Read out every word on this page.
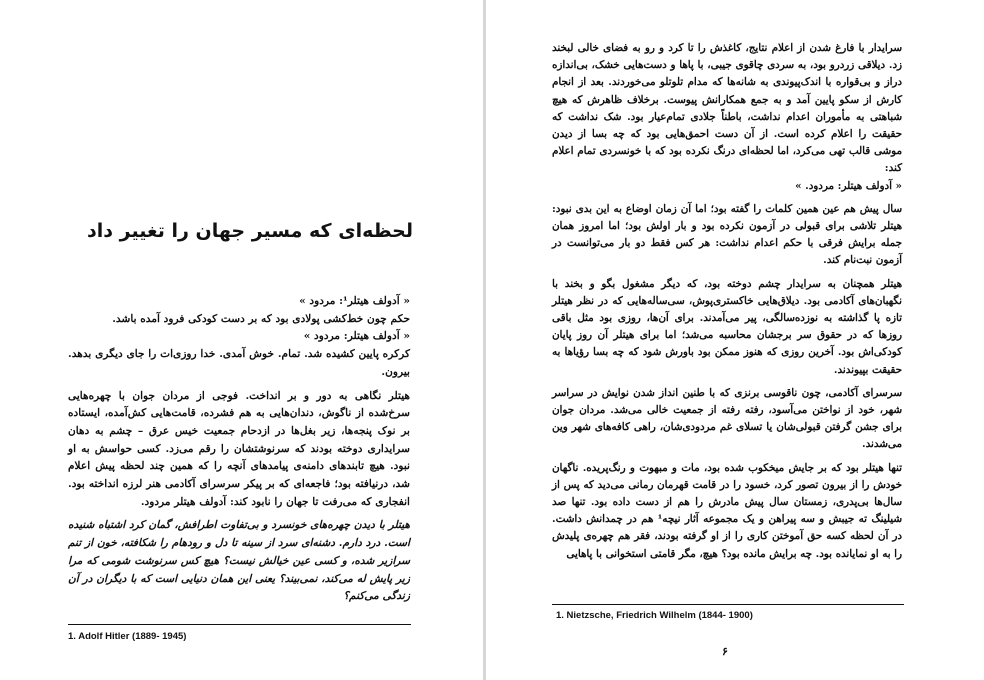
لحظه‌ای که مسیر جهان را تغییر داد

« آدولف هیتلر¹: مردود »

حکم چون خط‌کشی پولادی بود که بر دست کودکی فرود آمده باشد.

« آدولف هیتلر: مردود »

کرکره پایین کشیده شد. تمام. خوش آمدی. خدا روزی‌ات را جای دیگری بدهد. بیرون.

هیتلر نگاهی به دور و بر انداخت. فوجی از مردان جوان با چهره‌هایی سرخ‌شده از ناگوش، دندان‌هایی به هم فشرده، قامت‌هایی کش‌آمده، ایستاده بر نوک پنجه‌ها، زیر بغل‌ها در ازدحام جمعیت خیس عرق – چشم به دهان سرایداری دوخته بودند که سرنوشتشان را رقم می‌زد. کسی حواسش به او نبود. هیچ تابندهای دامنه‌ی پیامدهای آنچه را که همین چند لحظه پیش اعلام شد، درنیافته بود؛ فاجعه‌ای که بر پیکر سرسرای آکادمی هنر لرزه انداخته بود. انفجاری که می‌رفت تا جهان را نابود کند: آدولف هیتلر مردود.

هیتلر با دیدن چهره‌های خونسرد و بی‌تفاوت اطرافش، گمان کرد اشتباه شنیده است. درد دارم. دشنه‌ای سرد از سینه تا دل و رودهام را شکافته، خون از تنم سرازیر شده، و کسی عین خیالش نیست؟ هیچ کس سرنوشت شومی که مرا زیر پایش له می‌کند، نمی‌بیند؟ یعنی این همان دنیایی است که با دیگران در آن زندگی می‌کنم؟

1. Adolf Hitler (1889- 1945)

سرایدار با فارغ شدن از اعلام نتایج، کاغذش را تا کرد و رو به فضای خالی لبخند زد. دیلاقی زردرو بود، به سردی چاقوی جیبی، با پاها و دست‌هایی خشک، بی‌اندازه دراز و بی‌قواره با اندک‌پیوندی به شانه‌ها که مدام تلوتلو می‌خوردند. بعد از انجام کارش از سکو پایین آمد و به جمع همکارانش پیوست. برخلاف ظاهرش که هیچ شباهتی به مأموران اعدام نداشت، باطناً جلادی تمام‌عیار بود. شک نداشت که حقیقت را اعلام کرده است. از آن دست احمق‌هایی بود که چه بسا از دیدن موشی قالب تهی می‌کرد، اما لحظه‌ای درنگ نکرده بود که با خونسردی تمام اعلام کند:

« آدولف هیتلر: مردود. »

سال پیش هم عین همین کلمات را گفته بود؛ اما آن زمان اوضاع به این بدی نبود: هیتلر تلاشی برای قبولی در آزمون نکرده بود و بار اولش بود؛ اما امروز همان جمله برایش فرقی با حکم اعدام نداشت: هر کس فقط دو بار می‌توانست در آزمون نبت‌نام کند.

هیتلر همچنان به سرایدار چشم دوخته بود، که دیگر مشغول بگو و بخند با نگهبان‌های آکادمی بود. دیلاق‌هایی خاکستری‌پوش، سی‌ساله‌هایی که در نظر هیتلر تازه پا گذاشته به نوزده‌سالگی، پیر می‌آمدند. برای آن‌ها، روزی بود مثل باقی روزها که در حقوق سر برجشان محاسبه می‌شد؛ اما برای هیتلر آن روز پایان کودکی‌اش بود. آخرین روزی که هنوز ممکن بود باورش شود که چه بسا رؤیاها به حقیقت بپیوندند.

سرسرای آکادمی، چون ناقوسی برنزی که با طنین انداز شدن نوایش در سراسر شهر، خود از نواختن می‌آسود، رفته رفته از جمعیت خالی می‌شد. مردان جوان برای جشن گرفتن قبولی‌شان یا تسلای غم مردودی‌شان، راهی کافه‌های شهر وین می‌شدند.

تنها هیتلر بود که بر جایش میخکوب شده بود، مات و مبهوت و رنگ‌پریده. ناگهان خودش را از بیرون تصور کرد، خسود را در قامت قهرمان رمانی می‌دید که پس از سال‌ها بی‌پدری، زمستان سال پیش مادرش را هم از دست داده بود. تنها صد شیلینگ ته جیبش و سه پیراهن و یک مجموعه آثار نیچه¹ هم در چمدانش داشت. در آن لحظه کسه حق آموختن کاری را از او گرفته بودند، فقر هم چهره‌ی پلیدش را به او نمایانده بود. چه برایش مانده بود؟ هیچ، مگر قامتی استخوانی با پاهایی

1. Nietzsche, Friedrich Wilhelm (1844- 1900)
۶
